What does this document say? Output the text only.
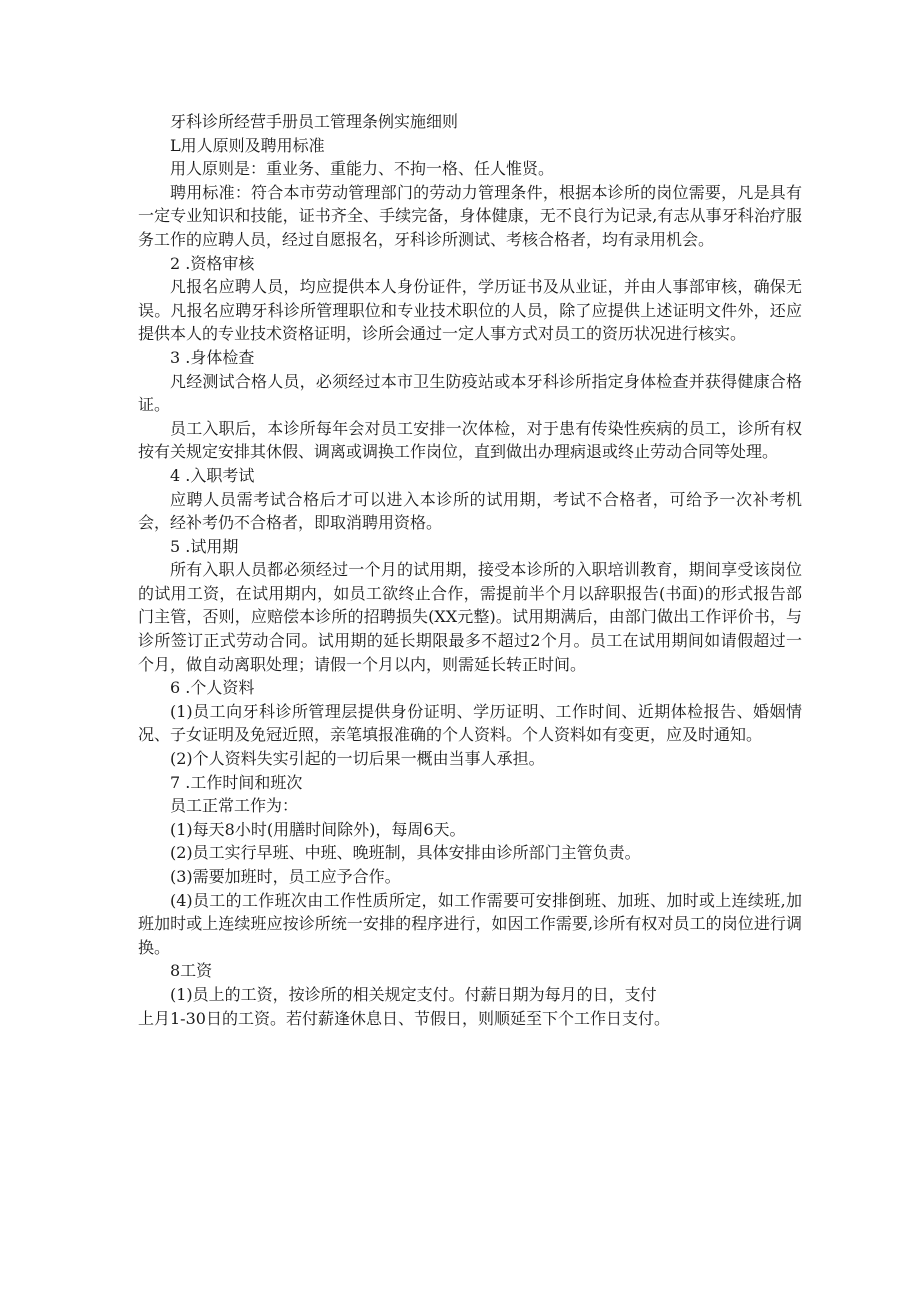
牙科诊所经营手册员工管理条例实施细则

L用人原则及聘用标准

用人原则是：重业务、重能力、不拘一格、任人惟贤。

聘用标准：符合本市劳动管理部门的劳动力管理条件，根据本诊所的岗位需要，凡是具有一定专业知识和技能，证书齐全、手续完备，身体健康，无不良行为记录,有志从事牙科治疗服务工作的应聘人员，经过自愿报名，牙科诊所测试、考核合格者，均有录用机会。

2 .资格审核

凡报名应聘人员，均应提供本人身份证件，学历证书及从业证，并由人事部审核，确保无误。凡报名应聘牙科诊所管理职位和专业技术职位的人员，除了应提供上述证明文件外，还应提供本人的专业技术资格证明，诊所会通过一定人事方式对员工的资历状况进行核实。

3 .身体检查

凡经测试合格人员，必须经过本市卫生防疫站或本牙科诊所指定身体检查并获得健康合格证。

员工入职后，本诊所每年会对员工安排一次体检，对于患有传染性疾病的员工，诊所有权按有关规定安排其休假、调离或调换工作岗位，直到做出办理病退或终止劳动合同等处理。

4 .入职考试

应聘人员需考试合格后才可以进入本诊所的试用期，考试不合格者，可给予一次补考机会，经补考仍不合格者，即取消聘用资格。

5 .试用期

所有入职人员都必须经过一个月的试用期，接受本诊所的入职培训教育，期间享受该岗位的试用工资，在试用期内，如员工欲终止合作，需提前半个月以辞职报告(书面)的形式报告部门主管，否则，应赔偿本诊所的招聘损失(XX元整)。试用期满后，由部门做出工作评价书，与诊所签订正式劳动合同。试用期的延长期限最多不超过2个月。员工在试用期间如请假超过一个月，做自动离职处理；请假一个月以内，则需延长转正时间。

6 .个人资料

(1)员工向牙科诊所管理层提供身份证明、学历证明、工作时间、近期体检报告、婚姻情况、子女证明及免冠近照，亲笔填报准确的个人资料。个人资料如有变更，应及时通知。

(2)个人资料失实引起的一切后果一概由当事人承担。

7 .工作时间和班次

员工正常工作为：

(1)每天8小时(用膳时间除外)，每周6天。

(2)员工实行早班、中班、晚班制，具体安排由诊所部门主管负责。

(3)需要加班时，员工应予合作。

(4)员工的工作班次由工作性质所定，如工作需要可安排倒班、加班、加时或上连续班,加班加时或上连续班应按诊所统一安排的程序进行，如因工作需要,诊所有权对员工的岗位进行调换。

8工资

(1)员上的工资，按诊所的相关规定支付。付薪日期为每月的日，支付

上月1-30日的工资。若付薪逢休息日、节假日，则顺延至下个工作日支付。
